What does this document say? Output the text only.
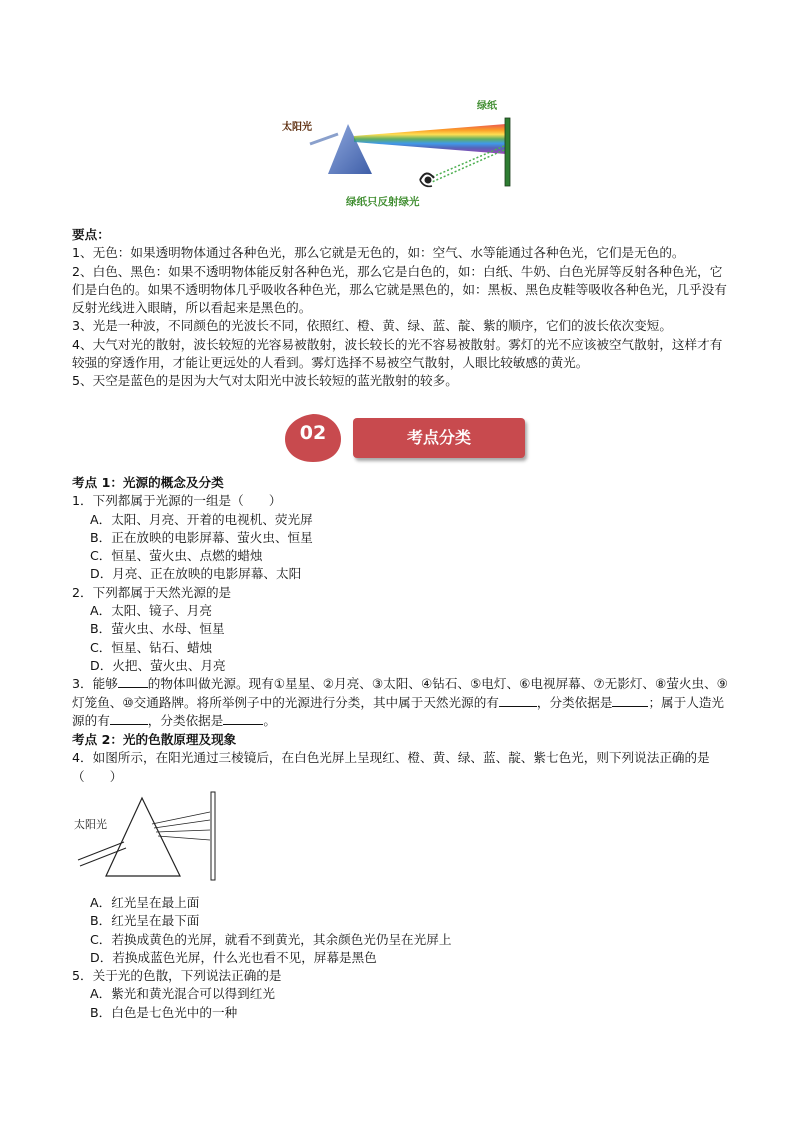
太阳光
绿纸
绿纸只反射绿光

要点：

1、无色：如果透明物体通过各种色光，那么它就是无色的，如：空气、水等能通过各种色光，它们是无色的。

2、白色、黑色：如果不透明物体能反射各种色光，那么它是白色的，如：白纸、牛奶、白色光屏等反射各种色光，它们是白色的。如果不透明物体几乎吸收各种色光，那么它就是黑色的，如：黑板、黑色皮鞋等吸收各种色光，几乎没有反射光线进入眼睛，所以看起来是黑色的。

3、光是一种波，不同颜色的光波长不同，依照红、橙、黄、绿、蓝、靛、紫的顺序，它们的波长依次变短。

4、大气对光的散射，波长较短的光容易被散射，波长较长的光不容易被散射。雾灯的光不应该被空气散射，这样才有较强的穿透作用，才能让更远处的人看到。雾灯选择不易被空气散射，人眼比较敏感的黄光。

5、天空是蓝色的是因为大气对太阳光中波长较短的蓝光散射的较多。

02	考点分类

考点 1：光源的概念及分类

1．下列都属于光源的一组是（　　）

A．太阳、月亮、开着的电视机、荧光屏

B．正在放映的电影屏幕、萤火虫、恒星

C．恒星、萤火虫、点燃的蜡烛

D．月亮、正在放映的电影屏幕、太阳

2．下列都属于天然光源的是

A．太阳、镜子、月亮

B．萤火虫、水母、恒星

C．恒星、钻石、蜡烛

D．火把、萤火虫、月亮

3．能够 的物体叫做光源。现有①星星、②月亮、③太阳、④钻石、⑤电灯、⑥电视屏幕、⑦无影灯、⑧萤火虫、⑨灯笼鱼、⑩交通路牌。将所举例子中的光源进行分类，其中属于天然光源的有	，分类依据是	；属于人造光源的有	，分类依据是	。

考点 2：光的色散原理及现象

4．如图所示，在阳光通过三棱镜后，在白色光屏上呈现红、橙、黄、绿、蓝、靛、紫七色光，则下列说法正确的是（　　）

太阳光

A．红光呈在最上面

B．红光呈在最下面

C．若换成黄色的光屏，就看不到黄光，其余颜色光仍呈在光屏上

D．若换成蓝色光屏，什么光也看不见，屏幕是黑色

5．关于光的色散，下列说法正确的是

A．紫光和黄光混合可以得到红光

B．白色是七色光中的一种
